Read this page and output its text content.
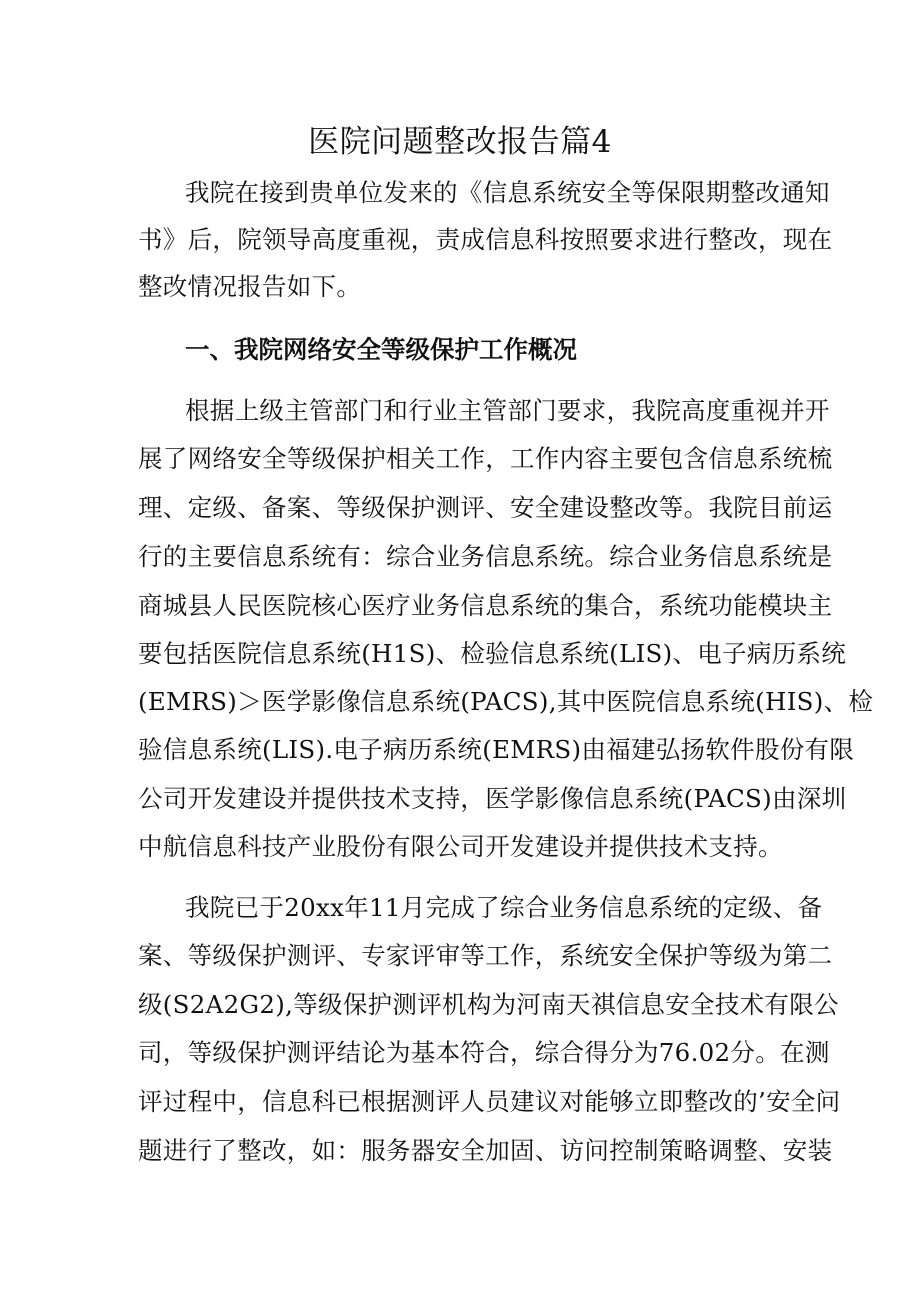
医院问题整改报告篇4
我院在接到贵单位发来的《信息系统安全等保限期整改通知
书》后，院领导高度重视，责成信息科按照要求进行整改，现在
整改情况报告如下。
一、我院网络安全等级保护工作概况
根据上级主管部门和行业主管部门要求，我院高度重视并开
展了网络安全等级保护相关工作，工作内容主要包含信息系统梳
理、定级、备案、等级保护测评、安全建设整改等。我院目前运
行的主要信息系统有：综合业务信息系统。综合业务信息系统是
商城县人民医院核心医疗业务信息系统的集合，系统功能模块主
要包括医院信息系统(H1S)、检验信息系统(LIS)、电子病历系统
(EMRS)＞医学影像信息系统(PACS),其中医院信息系统(HIS)、检
验信息系统(LIS).电子病历系统(EMRS)由福建弘扬软件股份有限
公司开发建设并提供技术支持，医学影像信息系统(PACS)由深圳
中航信息科技产业股份有限公司开发建设并提供技术支持。
我院已于20xx年11月完成了综合业务信息系统的定级、备
案、等级保护测评、专家评审等工作，系统安全保护等级为第二
级(S2A2G2),等级保护测评机构为河南天祺信息安全技术有限公
司，等级保护测评结论为基本符合，综合得分为76.02分。在测
评过程中，信息科已根据测评人员建议对能够立即整改的’安全问
题进行了整改，如：服务器安全加固、访问控制策略调整、安装
